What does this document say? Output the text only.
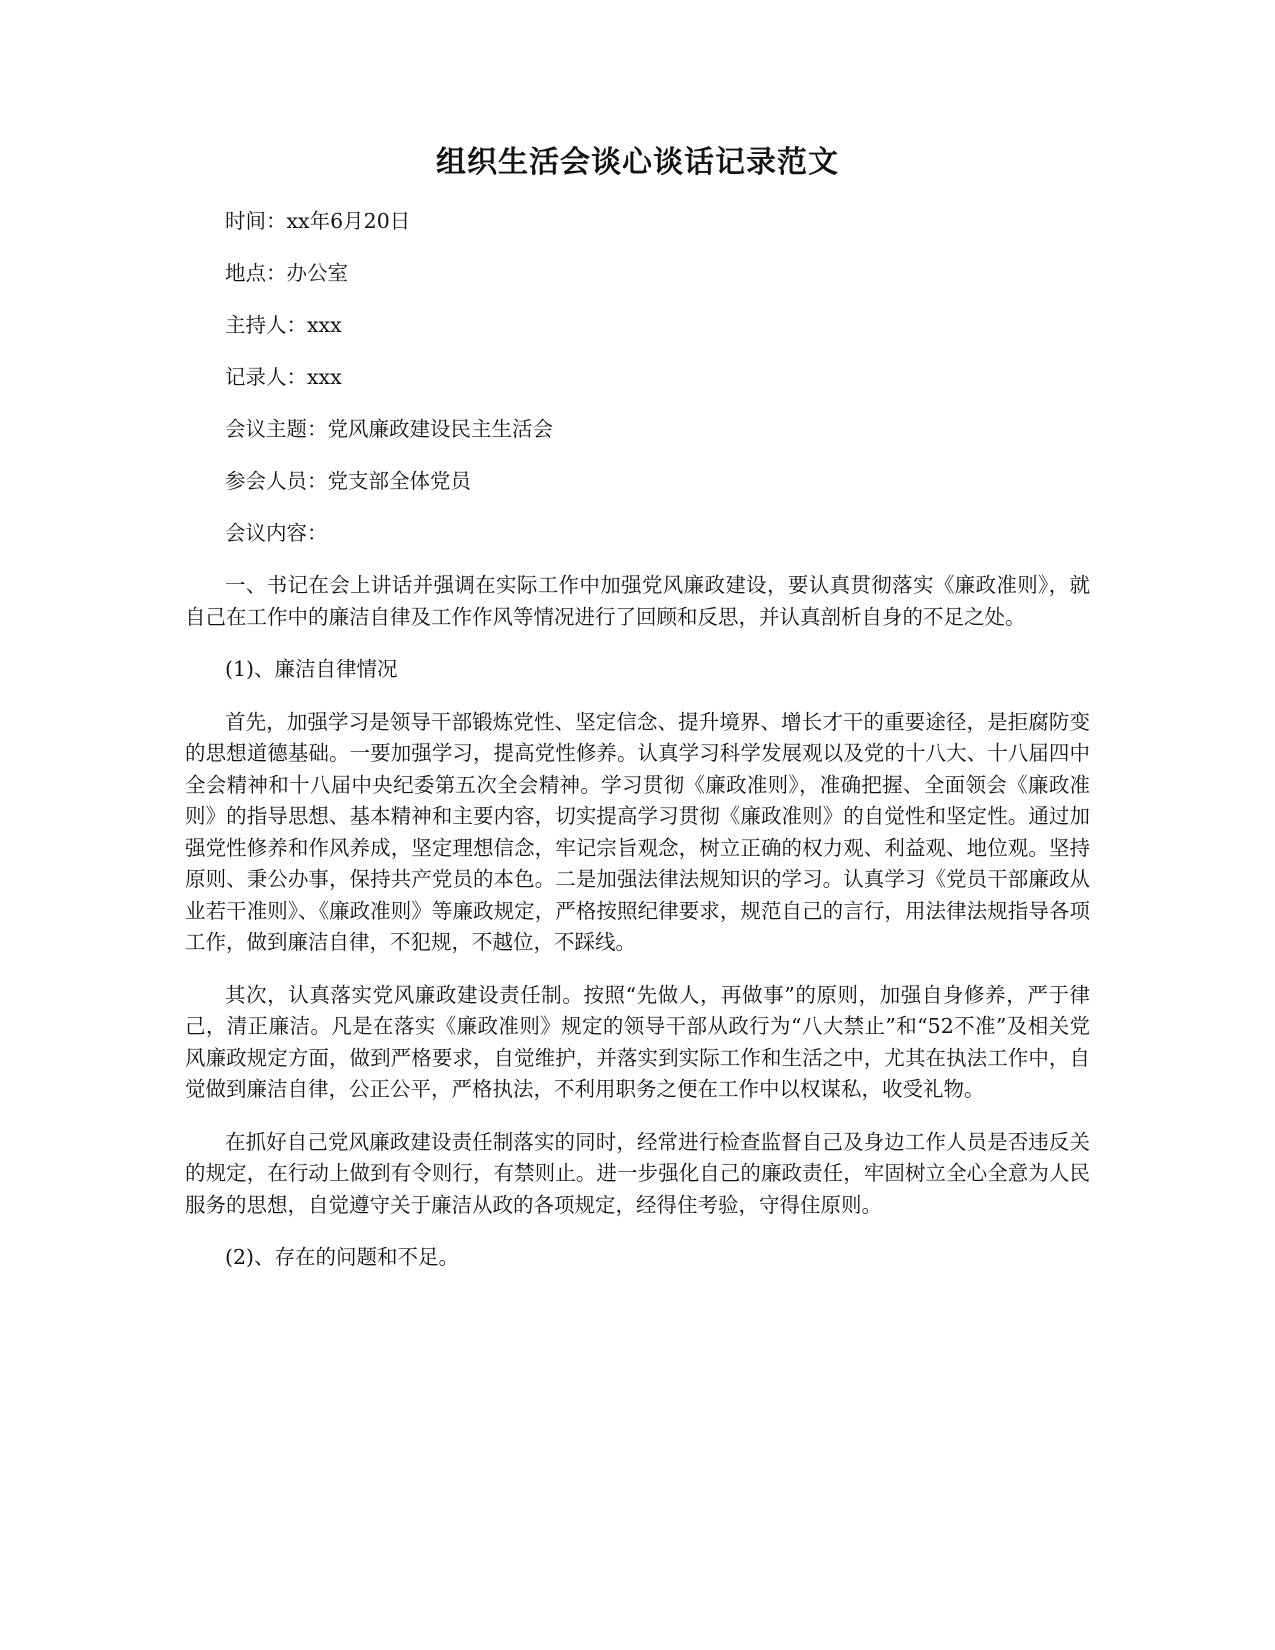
组织生活会谈心谈话记录范文

时间：xx年6月20日

地点：办公室

主持人：xxx

记录人：xxx

会议主题：党风廉政建设民主生活会

参会人员：党支部全体党员

会议内容：

一、书记在会上讲话并强调在实际工作中加强党风廉政建设，要认真贯彻落实《廉政准则》，就自己在工作中的廉洁自律及工作作风等情况进行了回顾和反思，并认真剖析自身的不足之处。

(1)、廉洁自律情况

首先，加强学习是领导干部锻炼党性、坚定信念、提升境界、增长才干的重要途径，是拒腐防变的思想道德基础。一要加强学习，提高党性修养。认真学习科学发展观以及党的十八大、十八届四中全会精神和十八届中央纪委第五次全会精神。学习贯彻《廉政准则》，准确把握、全面领会《廉政准则》的指导思想、基本精神和主要内容，切实提高学习贯彻《廉政准则》的自觉性和坚定性。通过加强党性修养和作风养成，坚定理想信念，牢记宗旨观念，树立正确的权力观、利益观、地位观。坚持原则、秉公办事，保持共产党员的本色。二是加强法律法规知识的学习。认真学习《党员干部廉政从业若干准则》、《廉政准则》等廉政规定，严格按照纪律要求，规范自己的言行，用法律法规指导各项工作，做到廉洁自律，不犯规，不越位，不踩线。

其次，认真落实党风廉政建设责任制。按照“先做人，再做事”的原则，加强自身修养，严于律己，清正廉洁。凡是在落实《廉政准则》规定的领导干部从政行为“八大禁止”和“52不准”及相关党风廉政规定方面，做到严格要求，自觉维护，并落实到实际工作和生活之中，尤其在执法工作中，自觉做到廉洁自律，公正公平，严格执法，不利用职务之便在工作中以权谋私，收受礼物。

在抓好自己党风廉政建设责任制落实的同时，经常进行检查监督自己及身边工作人员是否违反关的规定，在行动上做到有令则行，有禁则止。进一步强化自己的廉政责任，牢固树立全心全意为人民服务的思想，自觉遵守关于廉洁从政的各项规定，经得住考验，守得住原则。

(2)、存在的问题和不足。
